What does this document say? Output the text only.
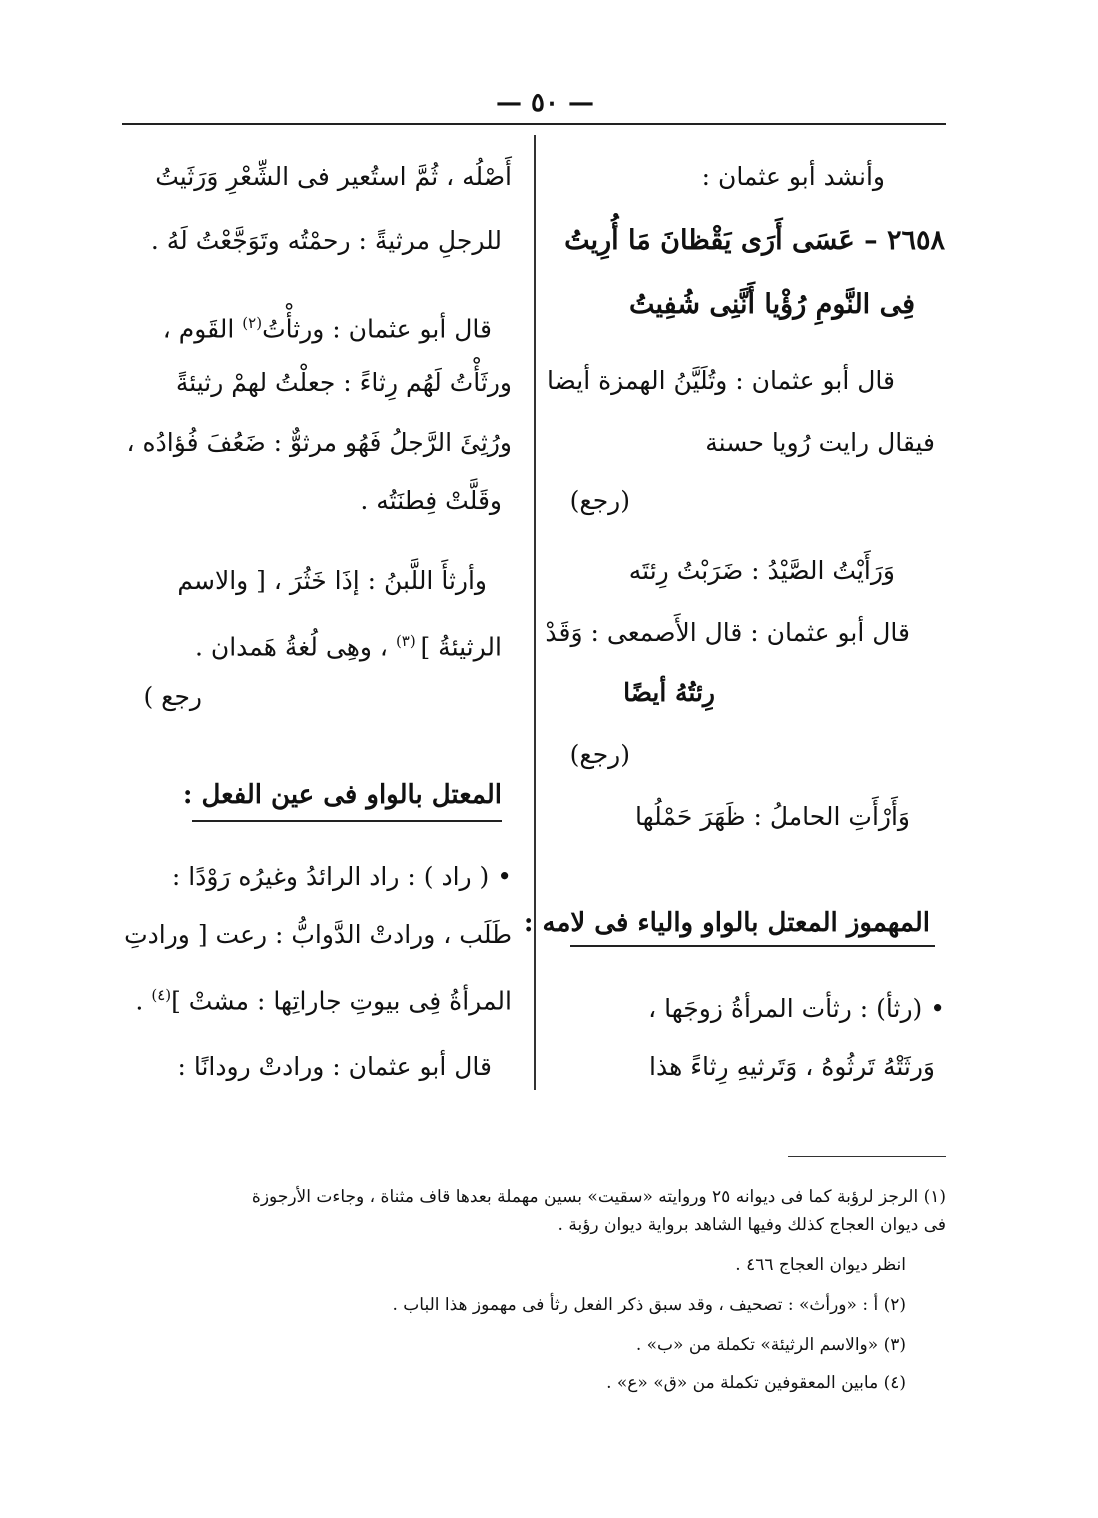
— ٥٠ —
وأنشد أبو عثمان :
٢٦٥٨ – عَسَى أَرَى يَقْظانَ مَا أُرِيتُ
فِى النَّومِ رُؤْيا أَنَّنِى شُفِيتُ
قال أبو عثمان : وتُلَيَّنُ الهمزة أيضا
فيقال رايت رُويا حسنة
(رجع)
وَرَأَيْتُ الصَّيْدُ : ضَرَبْتُ رِئتَه
قال أبو عثمان : قال الأَصمعى : وَقَدْ
رِئتُهُ أيضًا
(رجع)
وَأَرْأَتِ الحاملُ : ظَهَرَ حَمْلُها
المهموز المعتل بالواو والياء فى لامه :
• (رثأ) : رثأت المرأةُ زوجَها ،
وَرثَتْهُ تَرثُوهُ ، وَتَرثيهِ رِثاءً هذا
أَصْلُه ، ثُمَّ استُعير فى الشِّعْرِ وَرَثَيتُ
للرجلِ مرثيةً : رحمْتُه وتَوَجَّعْتُ لَهُ .
قال أبو عثمان : ورثأْتُ$^{(٢)}$ القَوم ،
ورثَأْتُ لَهُم رِثاءً : جعلْتُ لهمْ رثيئةً
ورُثِئَ الرَّجلُ فَهُو مرثوٌّ : ضَعُفَ فُؤادُه ،
وقَلَّتْ فِطنَتُه .
وأرثأَ اللَّبنُ : إذَا خَثُرَ ، [ والاسم
الرثيئةُ ] $^{(٣)}$ ، وهِى لُغةُ هَمدان .
رجع )
المعتل بالواو فى عين الفعل :
• ( راد ) : راد الرائدُ وغيرُه رَوْدًا :
طَلَب ، ورادتْ الدَّوابُّ : رعت [ ورادتِ
المرأةُ فِى بيوتِ جاراتِها : مشتْ ]$^{(٤)}$ .
قال أبو عثمان : ورادتْ رودانًا :
(١) الرجز لرؤبة كما فى ديوانه ٢٥ وروايته «سقيت» بسين مهملة بعدها قاف مثناة ، وجاءت الأرجوزة
فى ديوان العجاج كذلك وفيها الشاهد برواية ديوان رؤبة .
انظر ديوان العجاج ٤٦٦ .
(٢) أ : «ورأث» : تصحيف ، وقد سبق ذكر الفعل رثأ فى مهموز هذا الباب .
(٣) «والاسم الرثيئة» تكملة من «ب» .
(٤) مابين المعقوفين تكملة من «ق» «ع» .
